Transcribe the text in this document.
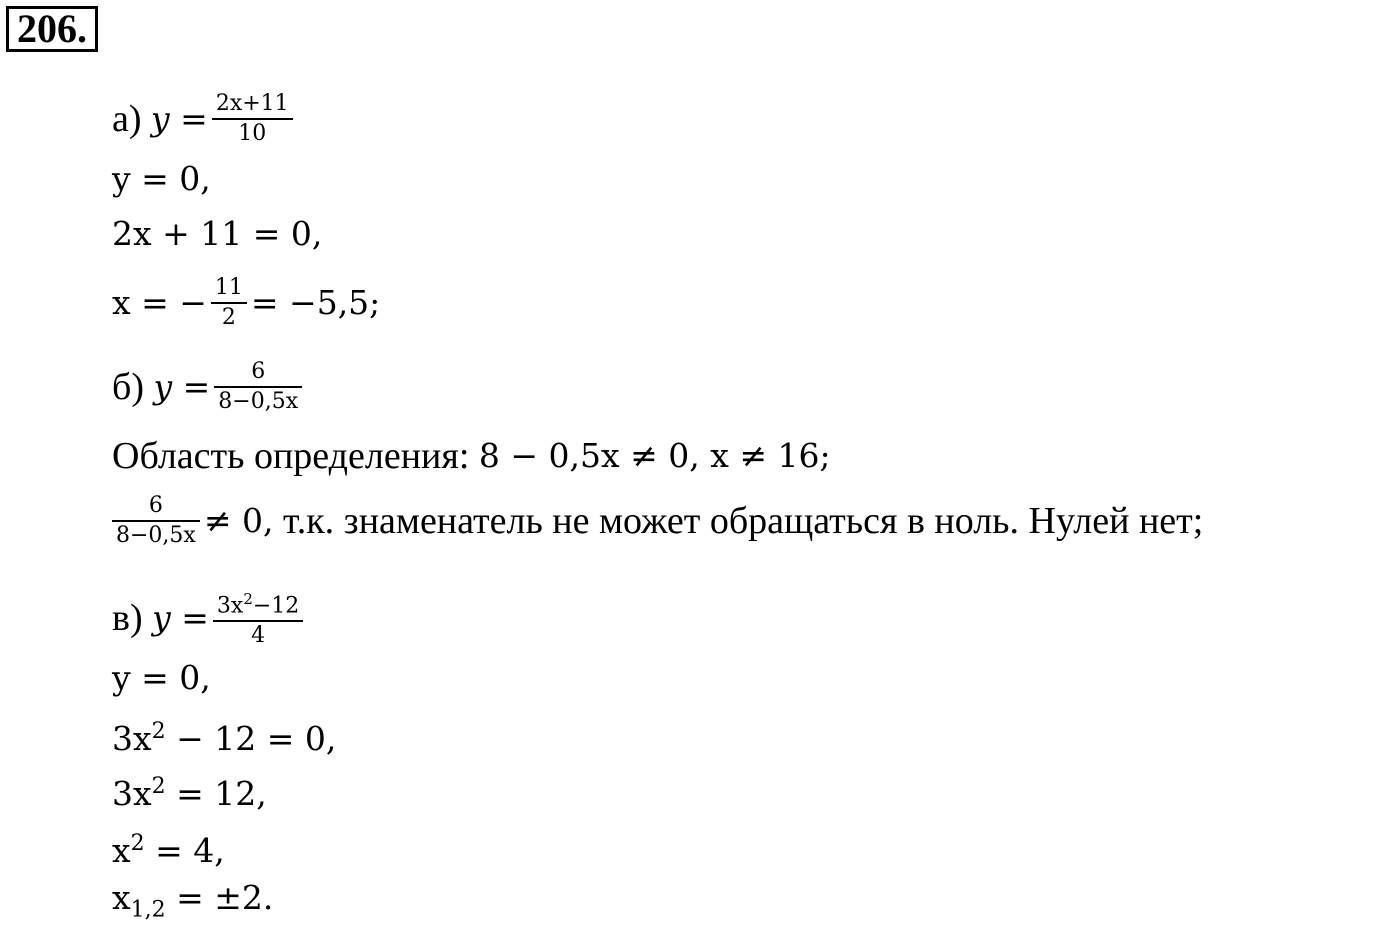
206.
а)
$y = \frac{2x+11}{10}$
y = 0,
2x + 11 = 0,
x = − $\frac{11}{2} = -5,5$;
б)
$y = \frac{6}{8-0,5x}$
Область определения:
8 − 0,5x ≠ 0, x ≠ 16;
$\frac{6}{8-0,5x} \ne 0$,
т.к. знаменатель не может обращаться в ноль. Нулей нет;
в)
$y = \frac{3x^2-12}{4}$
y = 0,
$3x^2 - 12 = 0$,
$3x^2 = 12$,
$x^2 = 4$,
$x_{1,2} = \pm 2$.
